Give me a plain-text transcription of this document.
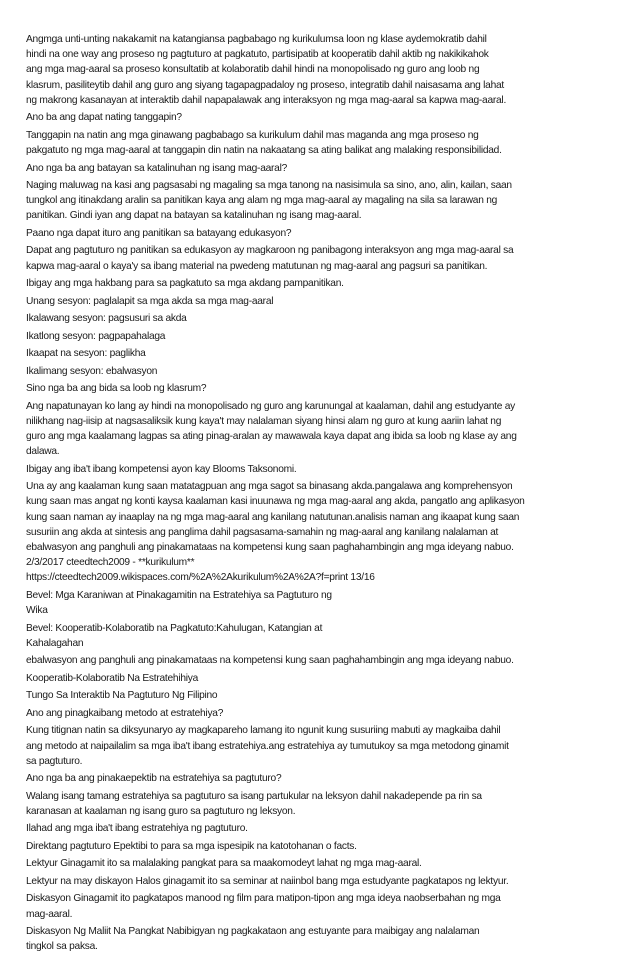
Angmga unti-unting nakakamit na katangiansa pagbabago ng kurikulumsa loon ng klase aydemokratib dahil
hindi na one way ang proseso ng pagtuturo at pagkatuto, partisipatib at kooperatib dahil aktib ng nakikikahok
ang mga mag-aaral sa proseso konsultatib at kolaboratib dahil hindi na monopolisado ng guro ang loob ng
klasrum, pasiliteytib dahil ang guro ang siyang tagapagpadaloy ng proseso, integratib dahil naisasama ang lahat
ng makrong kasanayan at interaktib dahil napapalawak ang interaksyon ng mga mag-aaral sa kapwa mag-aaral.

Ano ba ang dapat nating tanggapin?

Tanggapin na natin ang mga ginawang pagbabago sa kurikulum dahil mas maganda ang mga proseso ng
pakgatuto ng mga mag-aaral at tanggapin din natin na nakaatang sa ating balikat ang malaking responsibilidad.

Ano nga ba ang batayan sa katalinuhan ng isang mag-aaral?

Naging maluwag na kasi ang pagsasabi ng magaling sa mga tanong na nasisimula sa sino, ano, alin, kailan, saan
tungkol ang itinakdang aralin sa panitikan kaya ang alam ng mga mag-aaral ay magaling na sila sa larawan ng
panitikan. Gindi iyan ang dapat na batayan sa katalinuhan ng isang mag-aaral.

Paano nga dapat ituro ang panitikan sa batayang edukasyon?

Dapat ang pagtuturo ng panitikan sa edukasyon ay magkaroon ng panibagong interaksyon ang mga mag-aaral sa
kapwa mag-aaral o kaya'y sa ibang material na pwedeng matutunan ng mag-aaral ang pagsuri sa panitikan.

Ibigay ang mga hakbang para sa pagkatuto sa mga akdang pampanitikan.

Unang sesyon: paglalapit sa mga akda sa mga mag-aaral

Ikalawang sesyon: pagsusuri sa akda

Ikatlong sesyon: pagpapahalaga

Ikaapat na sesyon: paglikha

Ikalimang sesyon: ebalwasyon

Sino nga ba ang bida sa loob ng klasrum?

Ang napatunayan ko lang ay hindi na monopolisado ng guro ang karunungal at kaalaman, dahil ang estudyante ay
nilikhang nag-iisip at nagsasaliksik kung kaya't may nalalaman siyang hinsi alam ng guro at kung aariin lahat ng
guro ang mga kaalamang lagpas sa ating pinag-aralan ay mawawala kaya dapat ang ibida sa loob ng klase ay ang
dalawa.

Ibigay ang iba't ibang kompetensi ayon kay Blooms Taksonomi.

Una ay ang kaalaman kung saan matatagpuan ang mga sagot sa binasang akda.pangalawa ang komprehensyon
kung saan mas angat ng konti kaysa kaalaman kasi inuunawa ng mga mag-aaral ang akda, pangatlo ang aplikasyon
kung saan naman ay inaaplay na ng mga mag-aaral ang kanilang natutunan.analisis naman ang ikaapat kung saan
susuriin ang akda at sintesis ang panglima dahil pagsasama-samahin ng mag-aaral ang kanilang nalalaman at
ebalwasyon ang panghuli ang pinakamataas na kompetensi kung saan paghahambingin ang mga ideyang nabuo.
2/3/2017 cteedtech2009 - **kurikulum**
https://cteedtech2009.wikispaces.com/%2A%2Akurikulum%2A%2A?f=print 13/16

Bevel: Mga Karaniwan at Pinakagamitin na Estratehiya sa Pagtuturo ng
Wika

Bevel: Kooperatib-Kolaboratib na Pagkatuto:Kahulugan, Katangian at
Kahalagahan

ebalwasyon ang panghuli ang pinakamataas na kompetensi kung saan paghahambingin ang mga ideyang nabuo.

Kooperatib-Kolaboratib Na Estratehihiya

Tungo Sa Interaktib Na Pagtuturo Ng Filipino

Ano ang pinagkaibang metodo at estratehiya?

Kung titignan natin sa diksyunaryo ay magkapareho lamang ito ngunit kung susuriing mabuti ay magkaiba dahil
ang metodo at naipailalim sa mga iba't ibang estratehiya.ang estratehiya ay tumutukoy sa mga metodong ginamit
sa pagtuturo.

Ano nga ba ang pinakaepektib na estratehiya sa pagtuturo?

Walang isang tamang estratehiya sa pagtuturo sa isang partukular na leksyon dahil nakadepende pa rin sa
karanasan at kaalaman ng isang guro sa pagtuturo ng leksyon.

Ilahad ang mga iba't ibang estratehiya ng pagtuturo.

Direktang pagtuturo Epektibi to para sa mga ispesipik na katotohanan o facts.

Lektyur Ginagamit ito sa malalaking pangkat para sa maakomodeyt lahat ng mga mag-aaral.

Lektyur na may diskayon Halos ginagamit ito sa seminar at naiinbol bang mga estudyante pagkatapos ng lektyur.

Diskasyon Ginagamit ito pagkatapos manood ng film para matipon-tipon ang mga ideya naobserbahan ng mga
mag-aaral.

Diskasyon Ng Maliit Na Pangkat Nabibigyan ng pagkakataon ang estuyante para maibigay ang nalalaman
tingkol sa paksa.
